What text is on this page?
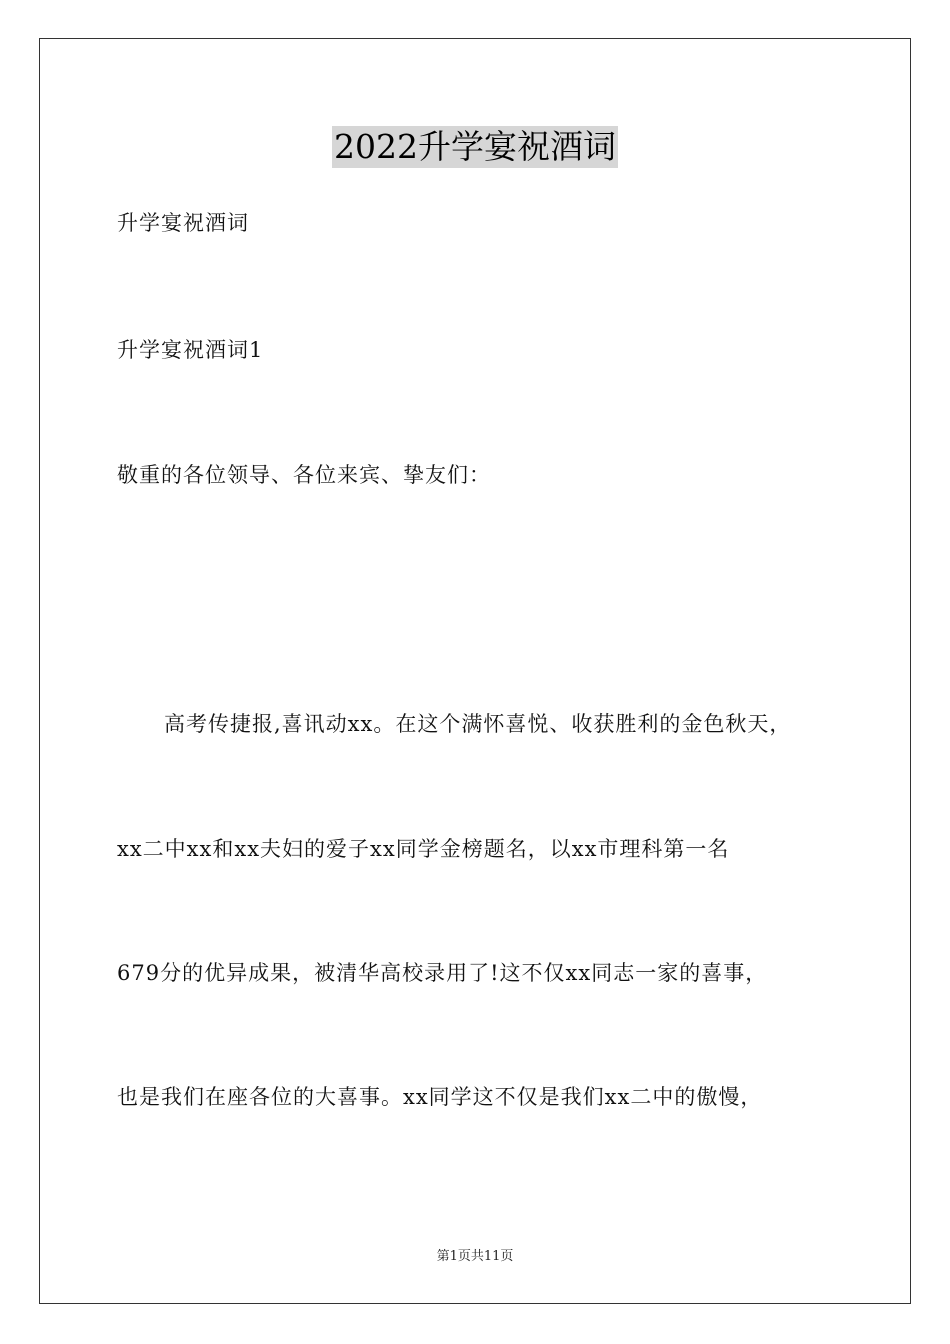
2022升学宴祝酒词
升学宴祝酒词
升学宴祝酒词1
敬重的各位领导、各位来宾、挚友们：
高考传捷报,喜讯动xx。在这个满怀喜悦、收获胜利的金色秋天，
xx二中xx和xx夫妇的爱子xx同学金榜题名，以xx市理科第一名
679分的优异成果，被清华高校录用了!这不仅xx同志一家的喜事，
也是我们在座各位的大喜事。xx同学这不仅是我们xx二中的傲慢，
第1页共11页
